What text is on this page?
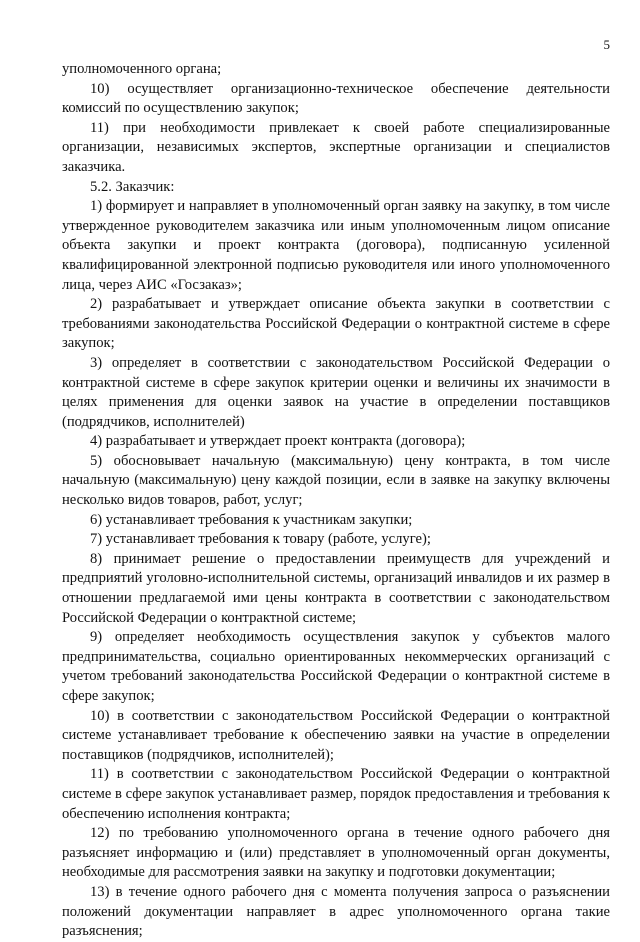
5

уполномоченного органа;

10) осуществляет организационно-техническое обеспечение деятельности комиссий по осуществлению закупок;

11) при необходимости привлекает к своей работе специализированные организации, независимых экспертов, экспертные организации и специалистов заказчика.

5.2. Заказчик:

1) формирует и направляет в уполномоченный орган заявку на закупку, в том числе утвержденное руководителем заказчика или иным уполномоченным лицом описание объекта закупки и проект контракта (договора), подписанную усиленной квалифицированной электронной подписью руководителя или иного уполномоченного лица, через АИС «Госзаказ»;

2) разрабатывает и утверждает описание объекта закупки в соответствии с требованиями законодательства Российской Федерации о контрактной системе в сфере закупок;

3) определяет в соответствии с законодательством Российской Федерации о контрактной системе в сфере закупок критерии оценки и величины их значимости в целях применения для оценки заявок на участие в определении поставщиков (подрядчиков, исполнителей)

4) разрабатывает и утверждает проект контракта (договора);

5) обосновывает начальную (максимальную) цену контракта, в том числе начальную (максимальную) цену каждой позиции, если в заявке на закупку включены несколько видов товаров, работ, услуг;

6) устанавливает требования к участникам закупки;

7) устанавливает требования к товару (работе, услуге);

8) принимает решение о предоставлении преимуществ для учреждений и предприятий уголовно-исполнительной системы, организаций инвалидов и их размер в отношении предлагаемой ими цены контракта в соответствии с законодательством Российской Федерации о контрактной системе;

9) определяет необходимость осуществления закупок у субъектов малого предпринимательства, социально ориентированных некоммерческих организаций с учетом требований законодательства Российской Федерации о контрактной системе в сфере закупок;

10) в соответствии с законодательством Российской Федерации о контрактной системе устанавливает требование к обеспечению заявки на участие в определении поставщиков (подрядчиков, исполнителей);

11) в соответствии с законодательством Российской Федерации о контрактной системе в сфере закупок устанавливает размер, порядок предоставления и требования к обеспечению исполнения контракта;

12) по требованию уполномоченного органа в течение одного рабочего дня разъясняет информацию и (или) представляет в уполномоченный орган документы, необходимые для рассмотрения заявки на закупку и подготовки документации;

13) в течение одного рабочего дня с момента получения запроса о разъяснении положений документации направляет в адрес уполномоченного органа такие разъяснения;
